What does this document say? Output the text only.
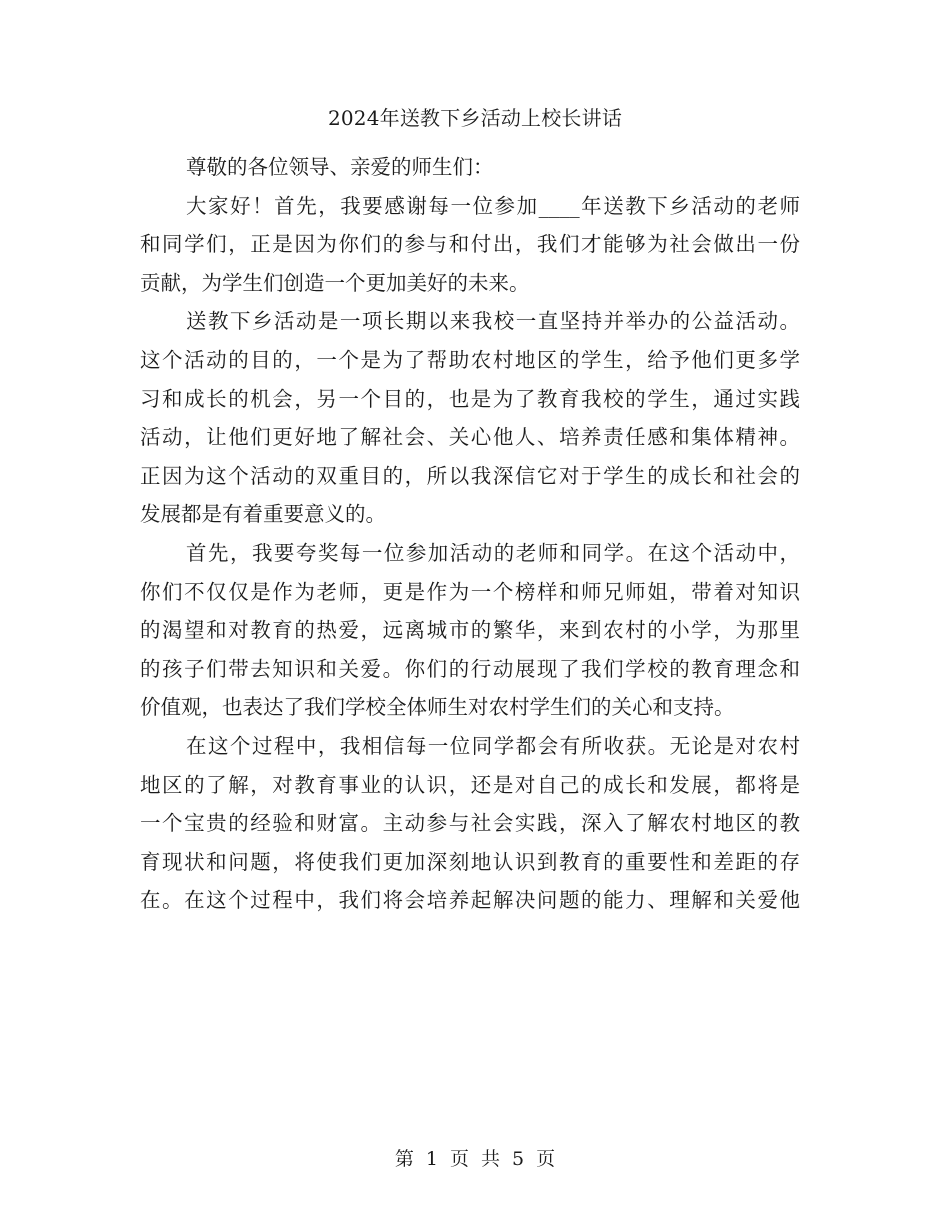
2024年送教下乡活动上校长讲话

尊敬的各位领导、亲爱的师生们：

大家好！首先，我要感谢每一位参加____年送教下乡活动的老师
和同学们，正是因为你们的参与和付出，我们才能够为社会做出一份
贡献，为学生们创造一个更加美好的未来。

送教下乡活动是一项长期以来我校一直坚持并举办的公益活动。
这个活动的目的，一个是为了帮助农村地区的学生，给予他们更多学
习和成长的机会，另一个目的，也是为了教育我校的学生，通过实践
活动，让他们更好地了解社会、关心他人、培养责任感和集体精神。
正因为这个活动的双重目的，所以我深信它对于学生的成长和社会的
发展都是有着重要意义的。

首先，我要夸奖每一位参加活动的老师和同学。在这个活动中，
你们不仅仅是作为老师，更是作为一个榜样和师兄师姐，带着对知识
的渴望和对教育的热爱，远离城市的繁华，来到农村的小学，为那里
的孩子们带去知识和关爱。你们的行动展现了我们学校的教育理念和
价值观，也表达了我们学校全体师生对农村学生们的关心和支持。

在这个过程中，我相信每一位同学都会有所收获。无论是对农村
地区的了解，对教育事业的认识，还是对自己的成长和发展，都将是
一个宝贵的经验和财富。主动参与社会实践，深入了解农村地区的教
育现状和问题，将使我们更加深刻地认识到教育的重要性和差距的存
在。在这个过程中，我们将会培养起解决问题的能力、理解和关爱他

第 1 页 共 5 页
